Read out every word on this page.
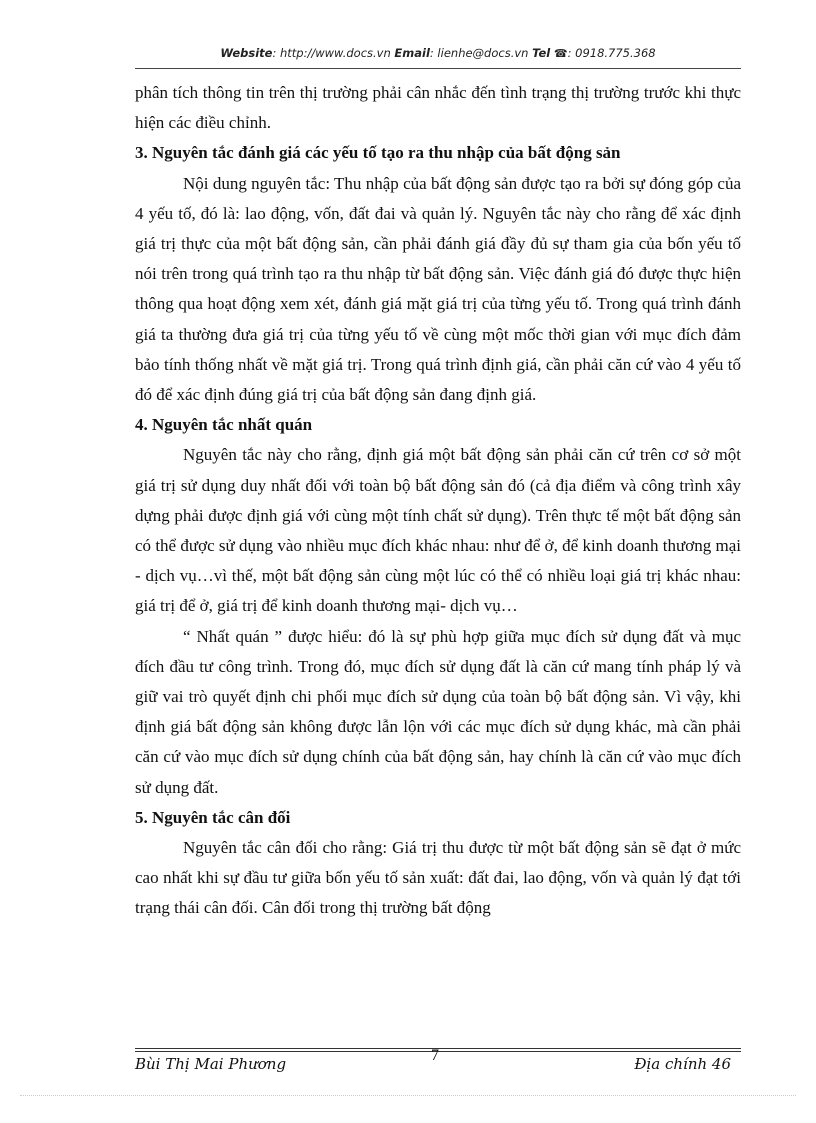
Website: http://www.docs.vn Email: lienhe@docs.vn Tel ☎: 0918.775.368

phân tích thông tin trên thị trường phải cân nhắc đến tình trạng thị trường trước khi thực hiện các điều chỉnh.

3. Nguyên tắc đánh giá các yếu tố tạo ra thu nhập của bất động sản

Nội dung nguyên tắc: Thu nhập của bất động sản được tạo ra bởi sự đóng góp của 4 yếu tố, đó là: lao động, vốn, đất đai và quản lý. Nguyên tắc này cho rằng để xác định giá trị thực của một bất động sản, cần phải đánh giá đầy đủ sự tham gia của bốn yếu tố nói trên trong quá trình tạo ra thu nhập từ bất động sản. Việc đánh giá đó được thực hiện thông qua hoạt động xem xét, đánh giá mặt giá trị của từng yếu tố. Trong quá trình đánh giá ta thường đưa giá trị của từng yếu tố về cùng một mốc thời gian với mục đích đảm bảo tính thống nhất về mặt giá trị. Trong quá trình định giá, cần phải căn cứ vào 4 yếu tố đó để xác định đúng giá trị của bất động sản đang định giá.

4. Nguyên tắc nhất quán

Nguyên tắc này cho rằng, định giá một bất động sản phải căn cứ trên cơ sở một giá trị sử dụng duy nhất đối với toàn bộ bất động sản đó (cả địa điểm và công trình xây dựng phải được định giá với cùng một tính chất sử dụng). Trên thực tế một bất động sản có thể được sử dụng vào nhiều mục đích khác nhau: như để ở, để kinh doanh thương mại - dịch vụ…vì thế, một bất động sản cùng một lúc có thể có nhiều loại giá trị khác nhau: giá trị để ở, giá trị để kinh doanh thương mại- dịch vụ…

“ Nhất quán ” được hiểu: đó là sự phù hợp giữa mục đích sử dụng đất và mục đích đầu tư công trình. Trong đó, mục đích sử dụng đất là căn cứ mang tính pháp lý và giữ vai trò quyết định chi phối mục đích sử dụng của toàn bộ bất động sản. Vì vậy, khi định giá bất động sản không được lẫn lộn với các mục đích sử dụng khác, mà cần phải căn cứ vào mục đích sử dụng chính của bất động sản, hay chính là căn cứ vào mục đích sử dụng đất.

5. Nguyên tắc cân đối

Nguyên tắc cân đối cho rằng: Giá trị thu được từ một bất động sản sẽ đạt ở mức cao nhất khi sự đầu tư giữa bốn yếu tố sản xuất: đất đai, lao động, vốn và quản lý đạt tới trạng thái cân đối. Cân đối trong thị trường bất động

Bùi Thị Mai Phương	7	Địa chính 46
